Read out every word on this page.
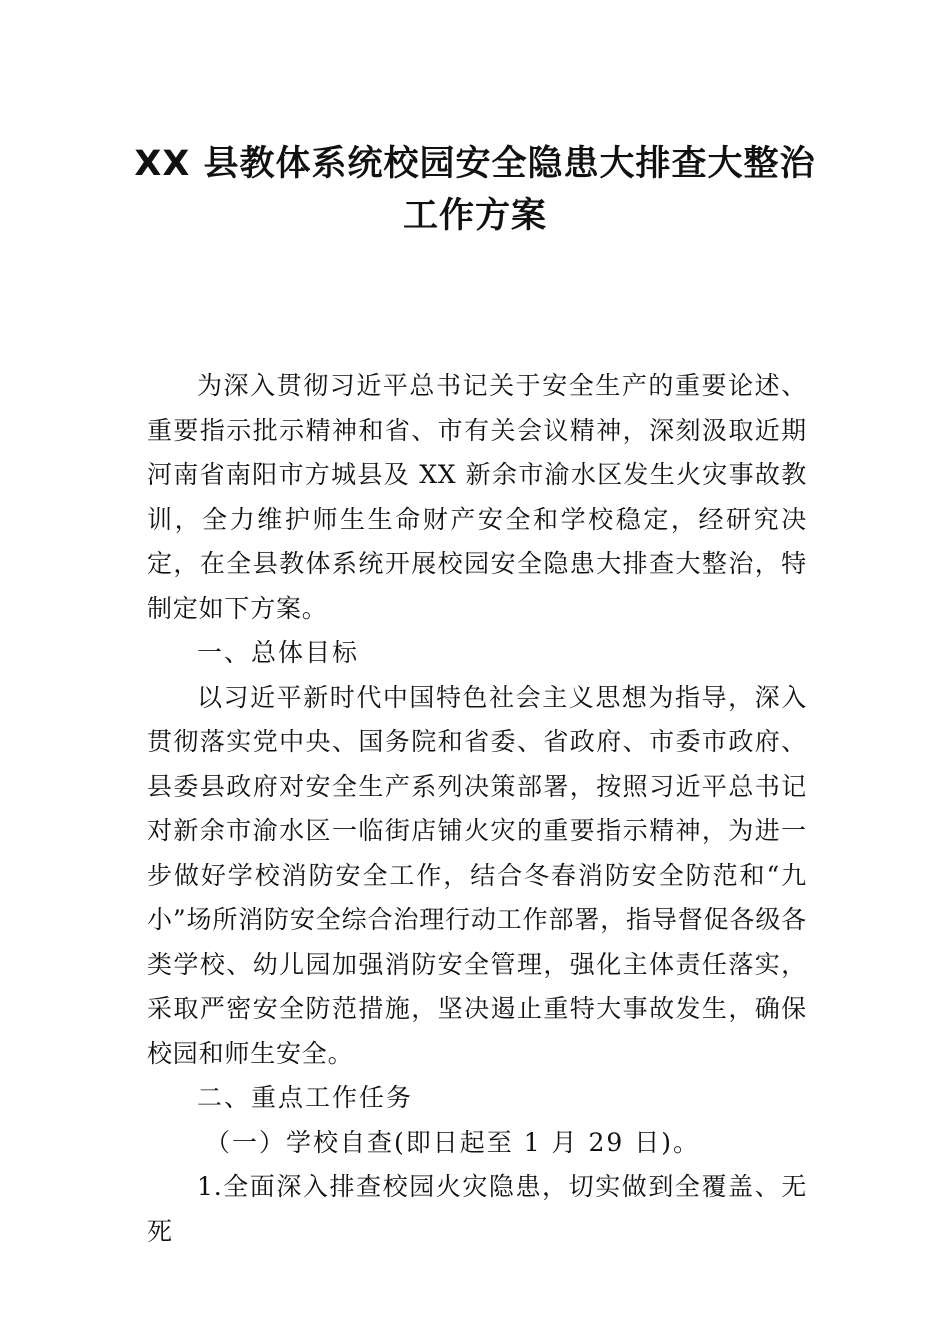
XX 县教体系统校园安全隐患大排查大整治
工作方案

为深入贯彻习近平总书记关于安全生产的重要论述、重要指示批示精神和省、市有关会议精神，深刻汲取近期河南省南阳市方城县及 XX 新余市渝水区发生火灾事故教训，全力维护师生生命财产安全和学校稳定，经研究决定，在全县教体系统开展校园安全隐患大排查大整治，特制定如下方案。

一、总体目标

以习近平新时代中国特色社会主义思想为指导，深入贯彻落实党中央、国务院和省委、省政府、市委市政府、县委县政府对安全生产系列决策部署，按照习近平总书记对新余市渝水区一临街店铺火灾的重要指示精神，为进一步做好学校消防安全工作，结合冬春消防安全防范和“九小”场所消防安全综合治理行动工作部署，指导督促各级各类学校、幼儿园加强消防安全管理，强化主体责任落实，采取严密安全防范措施，坚决遏止重特大事故发生，确保校园和师生安全。

二、重点工作任务

（一）学校自查(即日起至 1 月 29 日)。

1.全面深入排查校园火灾隐患，切实做到全覆盖、无死
